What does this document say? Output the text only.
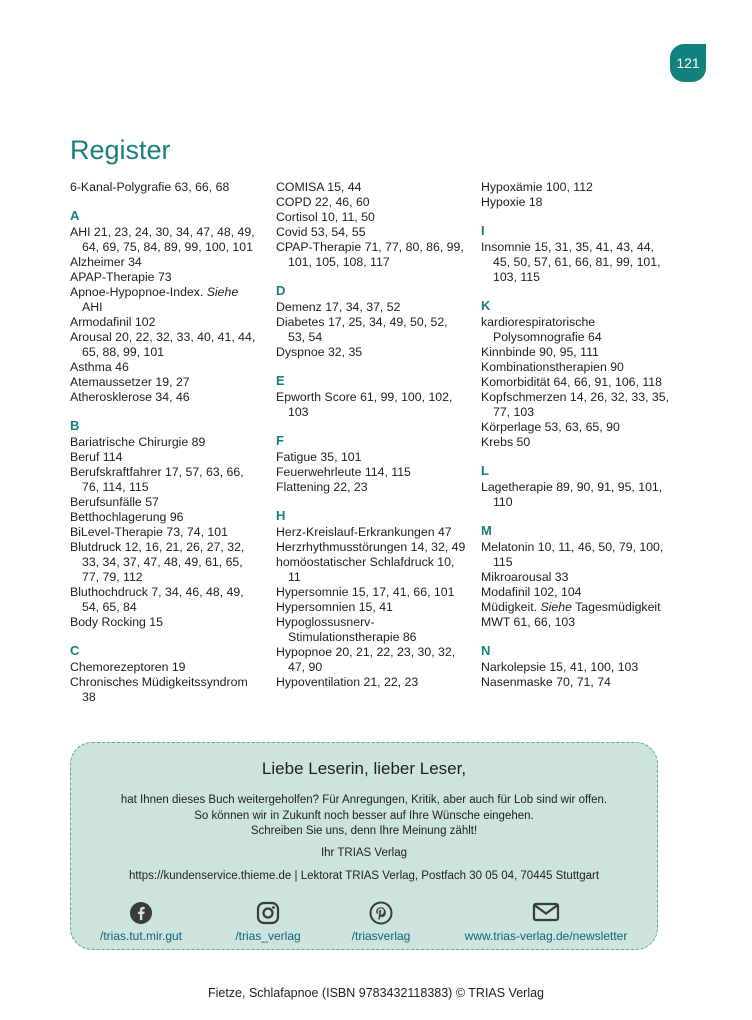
121
Register
6-Kanal-Polygrafie 63, 66, 68
A
AHI 21, 23, 24, 30, 34, 47, 48, 49, 64, 69, 75, 84, 89, 99, 100, 101
Alzheimer 34
APAP-Therapie 73
Apnoe-Hypopnoe-Index. Siehe AHI
Armodafinil 102
Arousal 20, 22, 32, 33, 40, 41, 44, 65, 88, 99, 101
Asthma 46
Atemaussetzer 19, 27
Atherosklerose 34, 46
B
Bariatrische Chirurgie 89
Beruf 114
Berufskraftfahrer 17, 57, 63, 66, 76, 114, 115
Berufsunfälle 57
Betthochlagerung 96
BiLevel-Therapie 73, 74, 101
Blutdruck 12, 16, 21, 26, 27, 32, 33, 34, 37, 47, 48, 49, 61, 65, 77, 79, 112
Bluthochdruck 7, 34, 46, 48, 49, 54, 65, 84
Body Rocking 15
C
Chemorezeptoren 19
Chronisches Müdigkeitssyndrom 38
COMISA 15, 44
COPD 22, 46, 60
Cortisol 10, 11, 50
Covid 53, 54, 55
CPAP-Therapie 71, 77, 80, 86, 99, 101, 105, 108, 117
D
Demenz 17, 34, 37, 52
Diabetes 17, 25, 34, 49, 50, 52, 53, 54
Dyspnoe 32, 35
E
Epworth Score 61, 99, 100, 102, 103
F
Fatigue 35, 101
Feuerwehrleute 114, 115
Flattening 22, 23
H
Herz-Kreislauf-Erkrankungen 47
Herzrhythmusstörungen 14, 32, 49
homöostatischer Schlafdruck 10, 11
Hypersomnie 15, 17, 41, 66, 101
Hypersomnien 15, 41
Hypoglossusnerv-Stimulationstherapie 86
Hypopnoe 20, 21, 22, 23, 30, 32, 47, 90
Hypoventilation 21, 22, 23
Hypoxämie 100, 112
Hypoxie 18
I
Insomnie 15, 31, 35, 41, 43, 44, 45, 50, 57, 61, 66, 81, 99, 101, 103, 115
K
kardiorespiratorische Polysomnografie 64
Kinnbinde 90, 95, 111
Kombinationstherapien 90
Komorbidität 64, 66, 91, 106, 118
Kopfschmerzen 14, 26, 32, 33, 35, 77, 103
Körperlage 53, 63, 65, 90
Krebs 50
L
Lagetherapie 89, 90, 91, 95, 101, 110
M
Melatonin 10, 11, 46, 50, 79, 100, 115
Mikroarousal 33
Modafinil 102, 104
Müdigkeit. Siehe Tagesmüdigkeit
MWT 61, 66, 103
N
Narkolepsie 15, 41, 100, 103
Nasenmaske 70, 71, 74
Liebe Leserin, lieber Leser,
hat Ihnen dieses Buch weitergeholfen? Für Anregungen, Kritik, aber auch für Lob sind wir offen.
So können wir in Zukunft noch besser auf Ihre Wünsche eingehen.
Schreiben Sie uns, denn Ihre Meinung zählt!
Ihr TRIAS Verlag
https://kundenservice.thieme.de | Lektorat TRIAS Verlag, Postfach 30 05 04, 70445 Stuttgart
/trias.tut.mir.gut	/trias_verlag	/triasverlag	www.trias-verlag.de/newsletter
Fietze, Schlafapnoe (ISBN 9783432118383) © TRIAS Verlag
